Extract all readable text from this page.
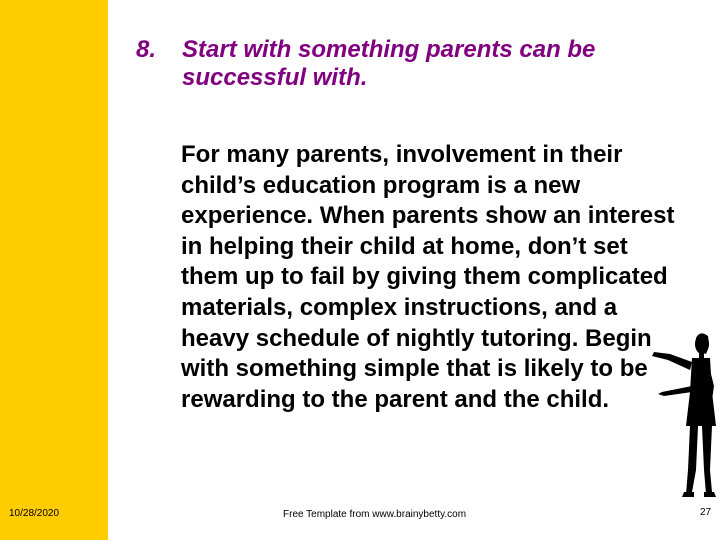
8. Start with something parents can be successful with.
For many parents, involvement in their child’s education program is a new experience. When parents show an interest in helping their child at home, don’t set them up to fail by giving them complicated materials, complex instructions, and a heavy schedule of nightly tutoring. Begin with something simple that is likely to be rewarding to the parent and the child.
10/28/2020	Free Template from www.brainybetty.com	27
